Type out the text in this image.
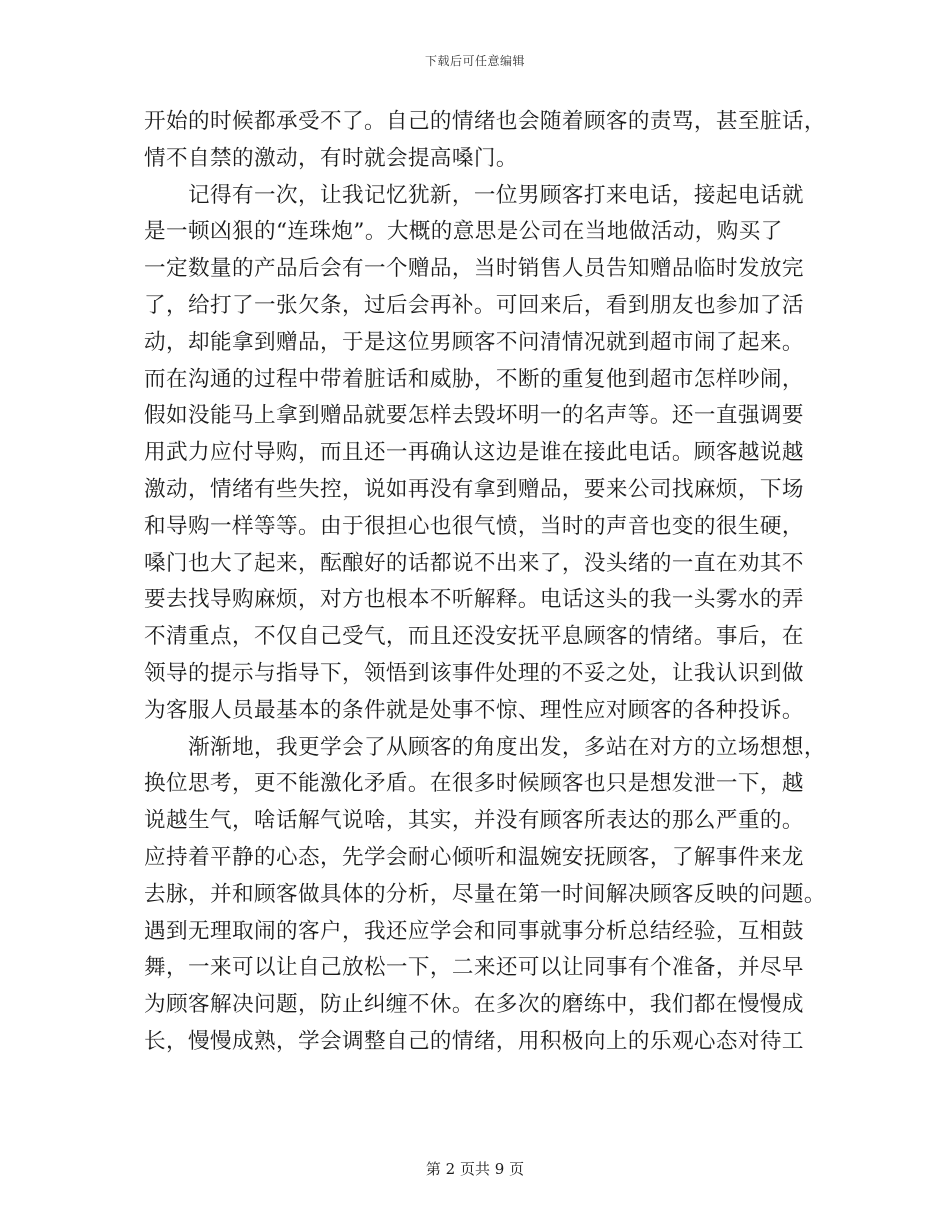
下载后可任意编辑
开始的时候都承受不了。自己的情绪也会随着顾客的责骂，甚至脏话，
情不自禁的激动，有时就会提高嗓门。
记得有一次，让我记忆犹新，一位男顾客打来电话，接起电话就
是一顿凶狠的“连珠炮”。大概的意思是公司在当地做活动，购买了
一定数量的产品后会有一个赠品，当时销售人员告知赠品临时发放完
了，给打了一张欠条，过后会再补。可回来后，看到朋友也参加了活
动，却能拿到赠品，于是这位男顾客不问清情况就到超市闹了起来。
而在沟通的过程中带着脏话和威胁，不断的重复他到超市怎样吵闹，
假如没能马上拿到赠品就要怎样去毁坏明一的名声等。还一直强调要
用武力应付导购，而且还一再确认这边是谁在接此电话。顾客越说越
激动，情绪有些失控，说如再没有拿到赠品，要来公司找麻烦，下场
和导购一样等等。由于很担心也很气愤，当时的声音也变的很生硬，
嗓门也大了起来，酝酿好的话都说不出来了，没头绪的一直在劝其不
要去找导购麻烦，对方也根本不听解释。电话这头的我一头雾水的弄
不清重点，不仅自己受气，而且还没安抚平息顾客的情绪。事后，在
领导的提示与指导下，领悟到该事件处理的不妥之处，让我认识到做
为客服人员最基本的条件就是处事不惊、理性应对顾客的各种投诉。
渐渐地，我更学会了从顾客的角度出发，多站在对方的立场想想，
换位思考，更不能激化矛盾。在很多时候顾客也只是想发泄一下，越
说越生气，啥话解气说啥，其实，并没有顾客所表达的那么严重的。
应持着平静的心态，先学会耐心倾听和温婉安抚顾客，了解事件来龙
去脉，并和顾客做具体的分析，尽量在第一时间解决顾客反映的问题。
遇到无理取闹的客户，我还应学会和同事就事分析总结经验，互相鼓
舞，一来可以让自己放松一下，二来还可以让同事有个准备，并尽早
为顾客解决问题，防止纠缠不休。在多次的磨练中，我们都在慢慢成
长，慢慢成熟，学会调整自己的情绪，用积极向上的乐观心态对待工
第 2 页共 9 页
